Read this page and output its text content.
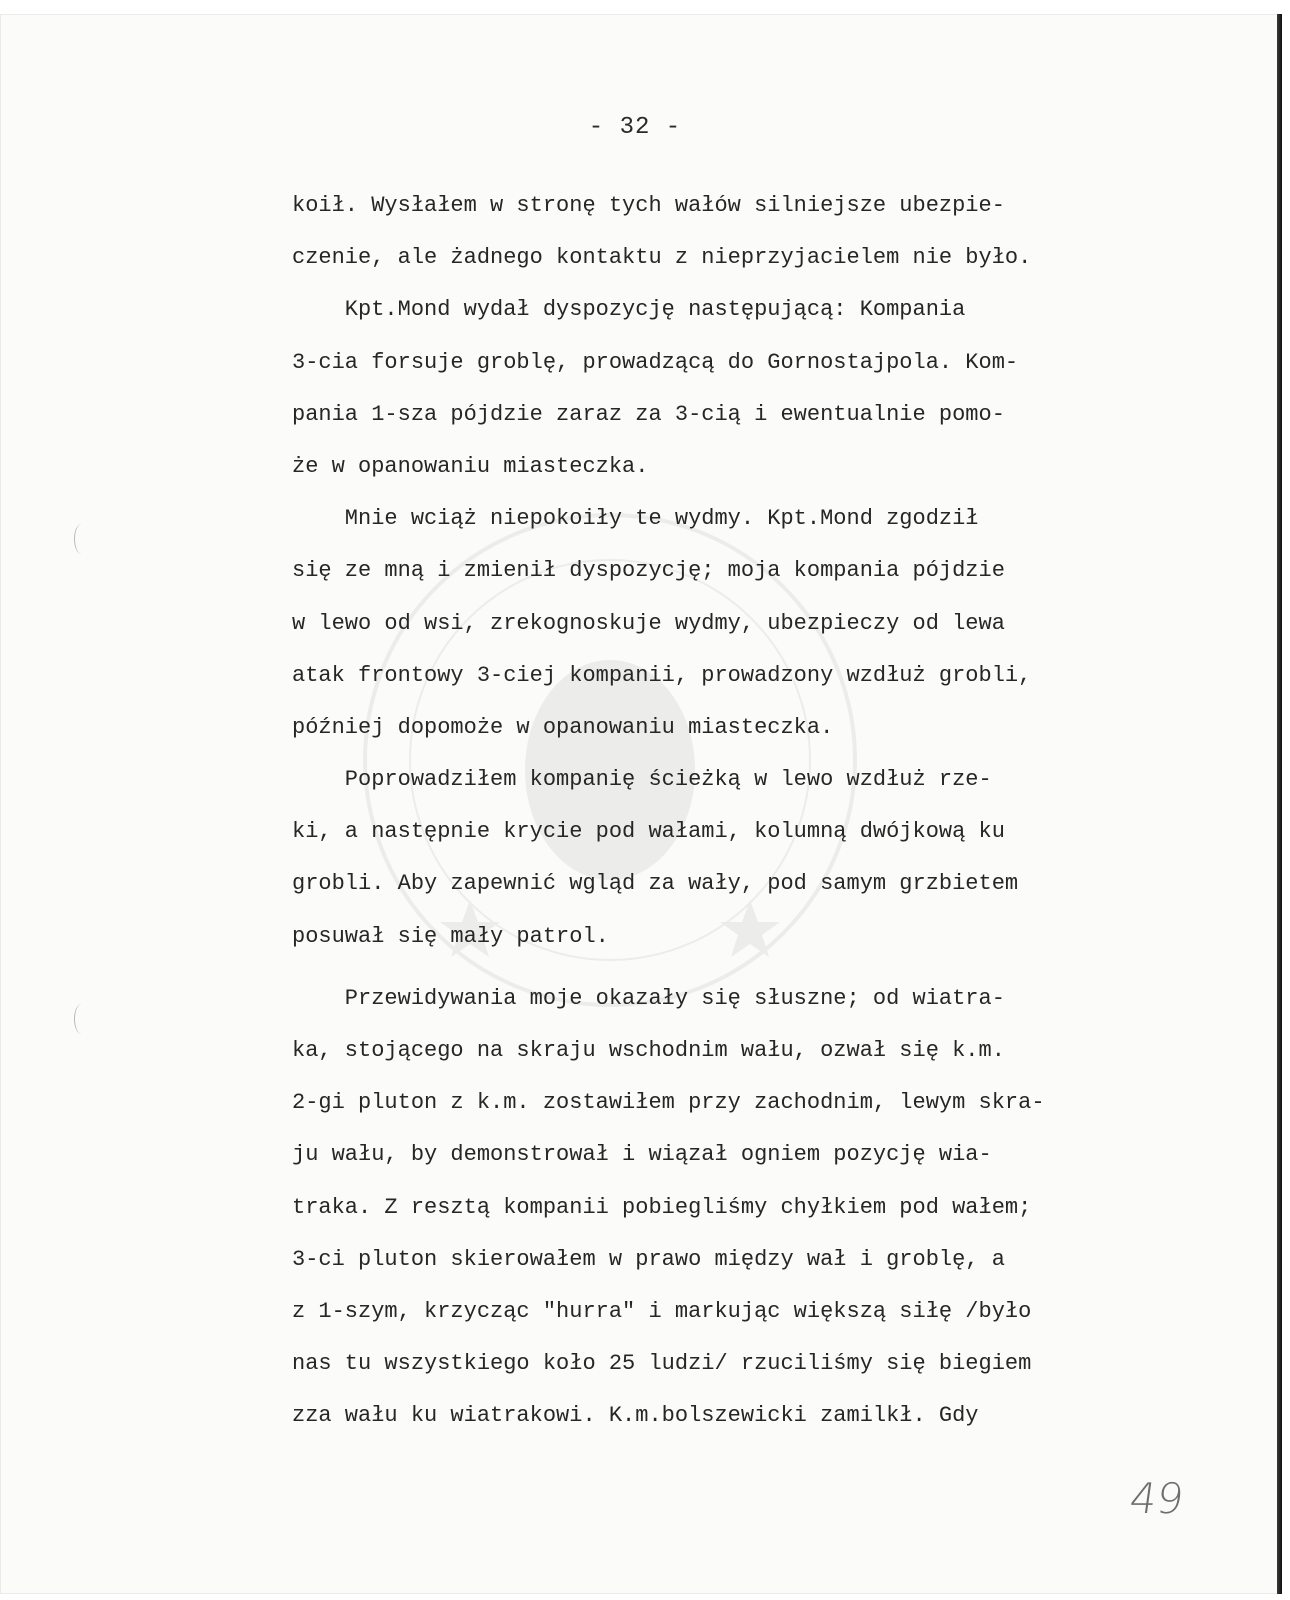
- 32 -
koił. Wysłałem w stronę tych wałów silniejsze ubezpie-
czenie, ale żadnego kontaktu z nieprzyjacielem nie było.
Kpt.Mond wydał dyspozycję następującą: Kompania
3-cia forsuje groblę, prowadzącą do Gornostajpola. Kom-
pania 1-sza pójdzie zaraz za 3-cią i ewentualnie pomo-
że w opanowaniu miasteczka.
Mnie wciąż niepokoiły te wydmy. Kpt.Mond zgodził
się ze mną i zmienił dyspozycję; moja kompania pójdzie
w lewo od wsi, zrekognoskuje wydmy, ubezpieczy od lewa
atak frontowy 3-ciej kompanii, prowadzony wzdłuż grobli,
później dopomoże w opanowaniu miasteczka.
Poprowadziłem kompanię ścieżką w lewo wzdłuż rze-
ki, a następnie krycie pod wałami, kolumną dwójkową ku
grobli. Aby zapewnić wgląd za wały, pod samym grzbietem
posuwał się mały patrol.
Przewidywania moje okazały się słuszne; od wiatra-
ka, stojącego na skraju wschodnim wału, ozwał się k.m.
2-gi pluton z k.m. zostawiłem przy zachodnim, lewym skra-
ju wału, by demonstrował i wiązał ogniem pozycję wia-
traka. Z resztą kompanii pobiegliśmy chyłkiem pod wałem;
3-ci pluton skierowałem w prawo między wał i groblę, a
z 1-szym, krzycząc "hurra" i markując większą siłę /było
nas tu wszystkiego koło 25 ludzi/ rzuciliśmy się biegiem
zza wału ku wiatrakowi. K.m.bolszewicki zamilkł. Gdy
49
